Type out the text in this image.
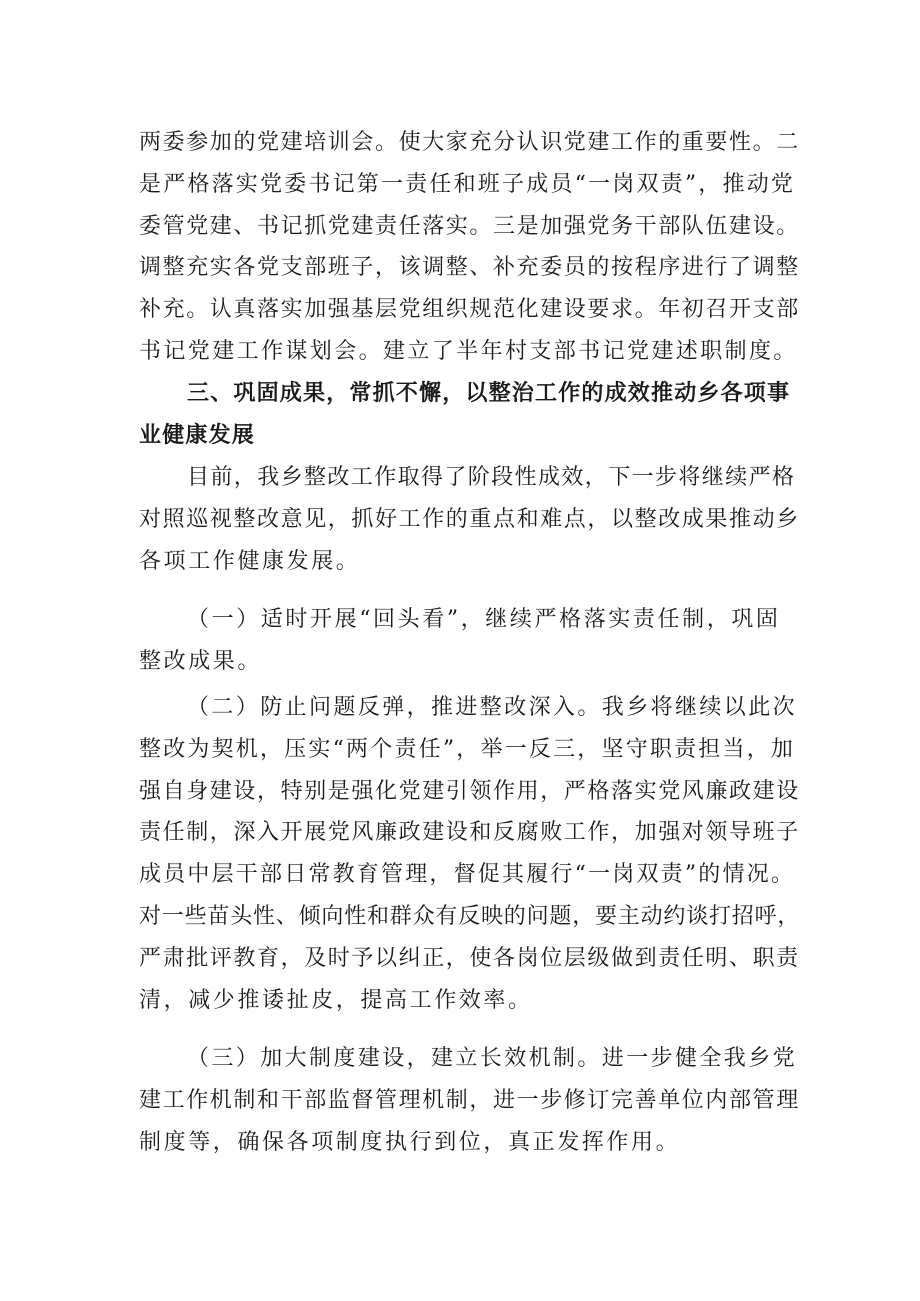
两委参加的党建培训会。使大家充分认识党建工作的重要性。二
是严格落实党委书记第一责任和班子成员“一岗双责”，推动党
委管党建、书记抓党建责任落实。三是加强党务干部队伍建设。
调整充实各党支部班子，该调整、补充委员的按程序进行了调整
补充。认真落实加强基层党组织规范化建设要求。年初召开支部
书记党建工作谋划会。建立了半年村支部书记党建述职制度。
三、巩固成果，常抓不懈，以整治工作的成效推动乡各项事
业健康发展
目前，我乡整改工作取得了阶段性成效，下一步将继续严格
对照巡视整改意见，抓好工作的重点和难点，以整改成果推动乡
各项工作健康发展。
（一）适时开展“回头看”，继续严格落实责任制，巩固
整改成果。
（二）防止问题反弹，推进整改深入。我乡将继续以此次
整改为契机，压实“两个责任”，举一反三，坚守职责担当，加
强自身建设，特别是强化党建引领作用，严格落实党风廉政建设
责任制，深入开展党风廉政建设和反腐败工作，加强对领导班子
成员中层干部日常教育管理，督促其履行“一岗双责”的情况。
对一些苗头性、倾向性和群众有反映的问题，要主动约谈打招呼，
严肃批评教育，及时予以纠正，使各岗位层级做到责任明、职责
清，减少推诿扯皮，提高工作效率。
（三）加大制度建设，建立长效机制。进一步健全我乡党
建工作机制和干部监督管理机制，进一步修订完善单位内部管理
制度等，确保各项制度执行到位，真正发挥作用。
